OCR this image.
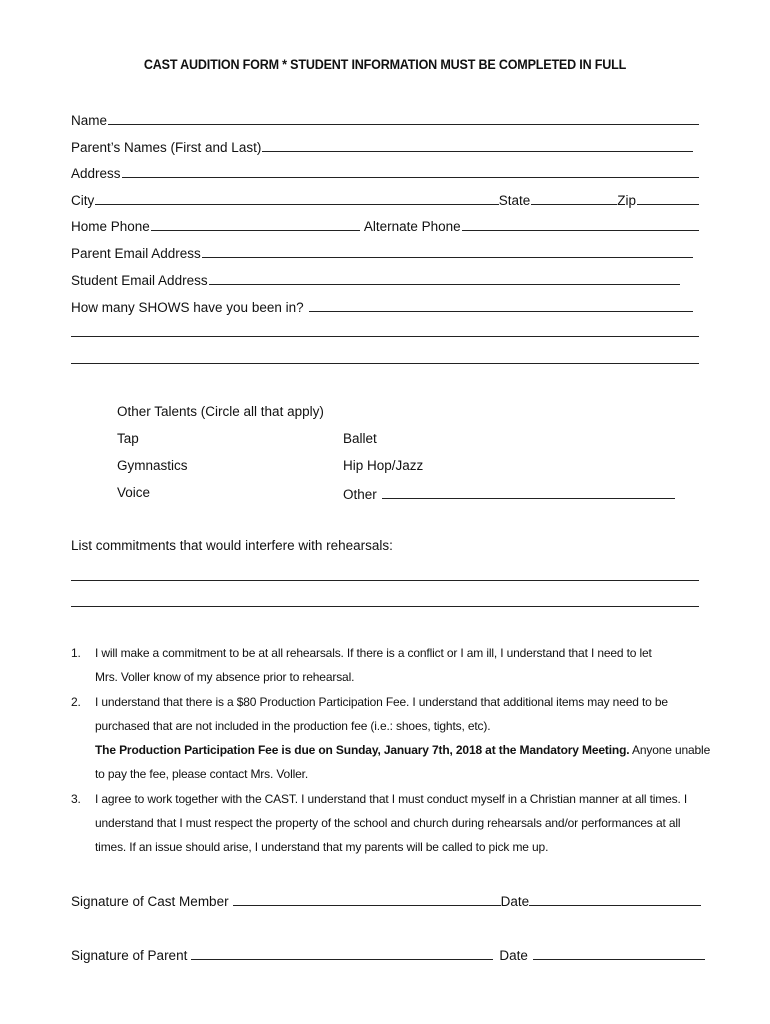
CAST AUDITION FORM * STUDENT INFORMATION MUST BE COMPLETED IN FULL
Name
Parent’s Names (First and Last)
Address
City	State	Zip
Home Phone	Alternate Phone
Parent Email Address
Student Email Address
How many SHOWS have you been in?
Other Talents (Circle all that apply)
Tap	Ballet
Gymnastics	Hip Hop/Jazz
Voice	Other
List commitments that would interfere with rehearsals:
1.	I will make a commitment to be at all rehearsals. If there is a conflict or I am ill, I understand that I need to let

Mrs. Voller know of my absence prior to rehearsal.

2.	I understand that there is a $80 Production Participation Fee. I understand that additional items may need to be

purchased that are not included in the production fee (i.e.: shoes, tights, etc).

The Production Participation Fee is due on Sunday, January 7th, 2018 at the Mandatory Meeting. Anyone unable

to pay the fee, please contact Mrs. Voller.

3.	I agree to work together with the CAST. I understand that I must conduct myself in a Christian manner at all times. I

understand that I must respect the property of the school and church during rehearsals and/or performances at all

times. If an issue should arise, I understand that my parents will be called to pick me up.

Signature of Cast Member	Date
Signature of Parent	Date
